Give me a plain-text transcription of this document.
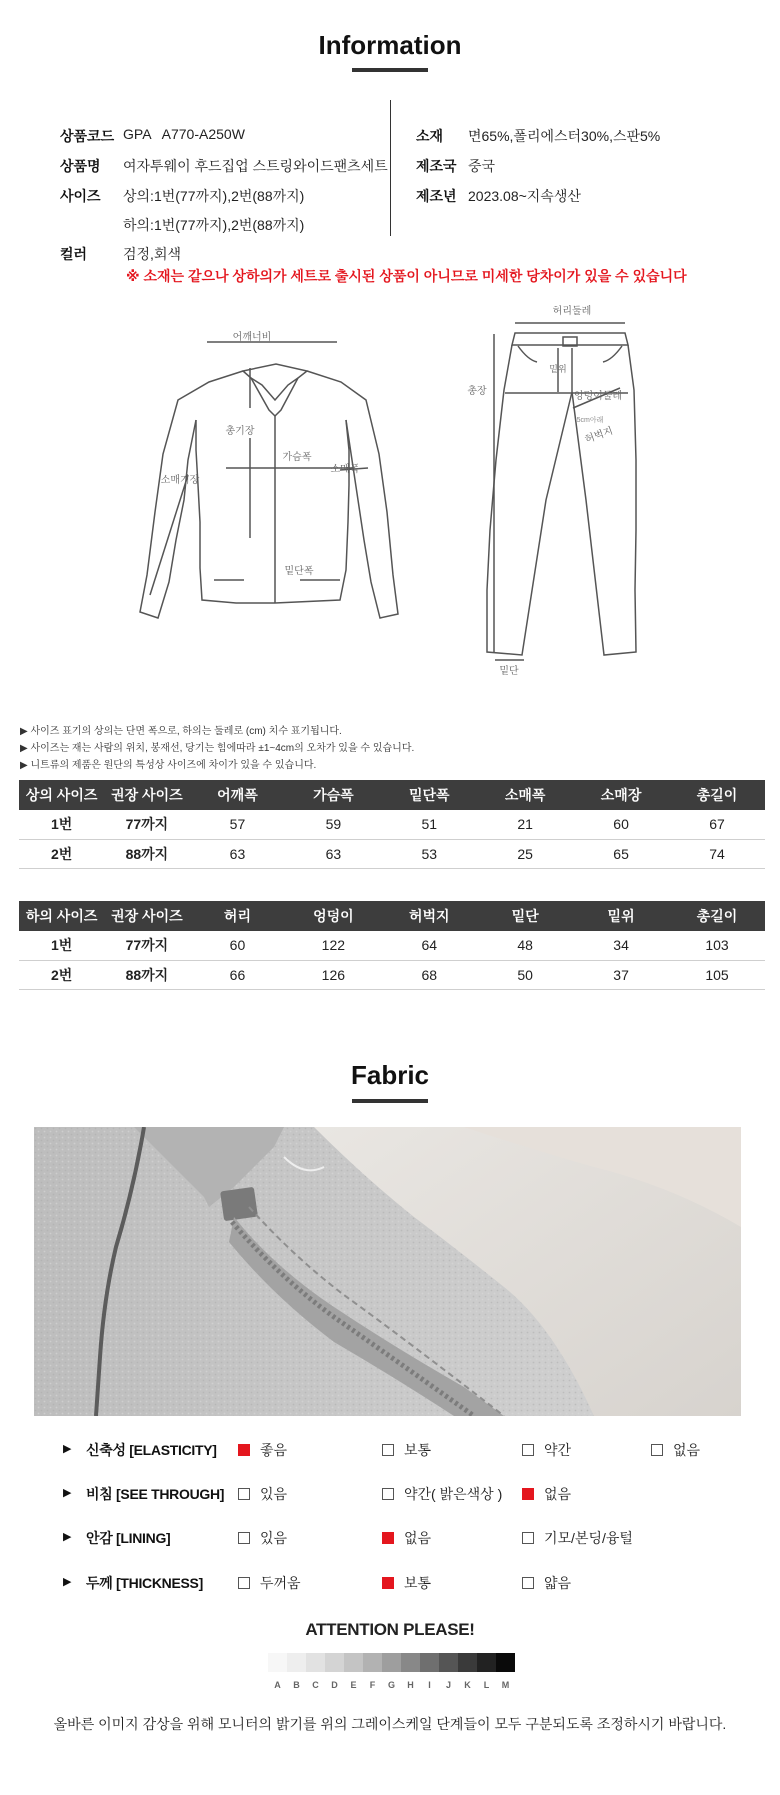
Information
상품코드 GPA   A770-A250W
상품명	여자투웨이 후드집업 스트링와이드팬츠세트
사이즈	상의:1번(77까지),2번(88까지)
하의:1번(77까지),2번(88까지)
컬러	검정,회색
소재	면65%,폴리에스터30%,스판5%
제조국 중국
제조년 2023.08~지속생산
※ 소재는 같으나 상하의가 세트로 출시된 상품이 아니므로 미세한 당차이가 있을 수 있습니다
어깨너비
총기장
가슴폭
소매기장
소매폭
밑단폭
허리둘레
총장
밑위
엉덩이둘레
5cm아래
허벅지
밑단
▶ 사이즈 표기의 상의는 단면 폭으로, 하의는 둘레로 (cm) 치수 표기됩니다.
▶ 사이즈는 재는 사람의 위치, 봉재선, 당기는 힘에따라 ±1~4cm의 오차가 있을 수 있습니다.
▶ 니트류의 제품은 원단의 특성상 사이즈에 차이가 있을 수 있습니다.
상의 사이즈	권장 사이즈	어깨폭	가슴폭	밑단폭	소매폭	소매장	총길이
1번	77까지	57	59	51	21	60	67
2번	88까지	63	63	53	25	65	74
하의 사이즈	권장 사이즈	허리	엉덩이	허벅지	밑단	밑위	총길이
1번	77까지	60	122	64	48	34	103
2번	88까지	66	126	68	50	37	105
Fabric
▶ 신축성 [ELASTICITY]	좋음	보통	약간	없음
▶ 비침 [SEE THROUGH]	있음	약간( 밝은색상 )	없음
▶ 안감 [LINING]	있음	없음	기모/본딩/융털
▶ 두께 [THICKNESS]	두꺼움	보통	얇음
ATTENTION PLEASE!
A	B	C	D	E	F	G	H	I	J	K	L	M
올바른 이미지 감상을 위해 모니터의 밝기를 위의 그레이스케일 단계들이 모두 구분되도록 조정하시기 바랍니다.
